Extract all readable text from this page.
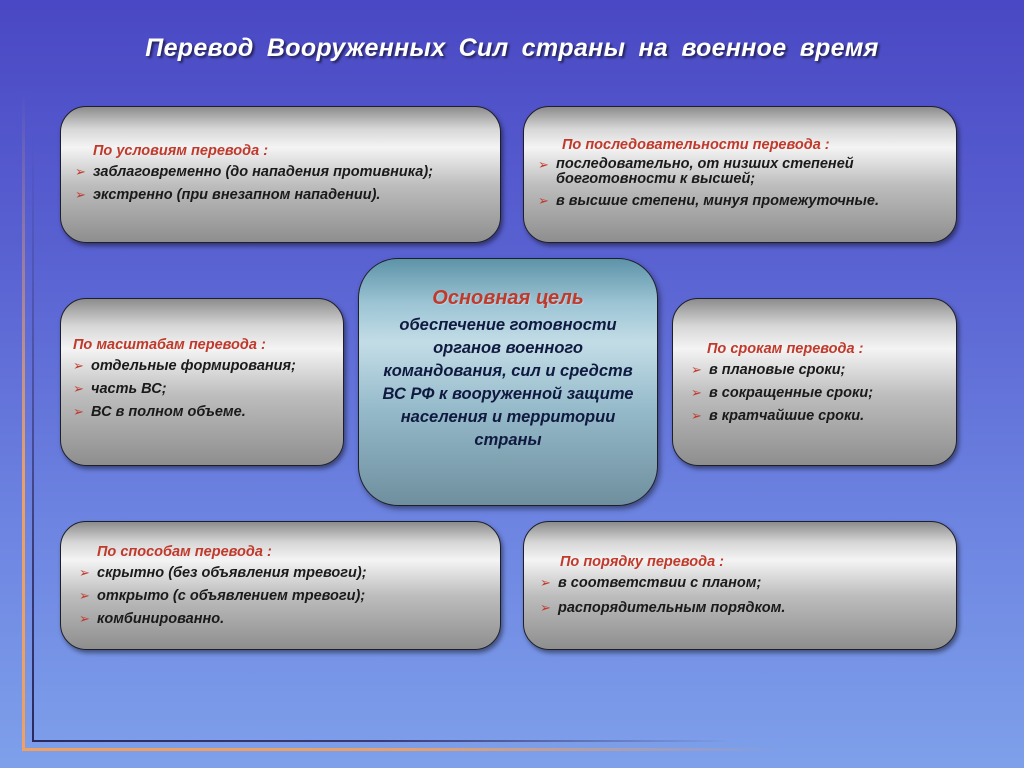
Перевод Вооруженных Сил страны на военное время
По условиям перевода :
➢ заблаговременно (до нападения противника);
➢ экстренно (при внезапном нападении).
По последовательности перевода :
➢ последовательно, от низших степеней боеготовности к высшей;
➢ в высшие степени, минуя промежуточные.
По масштабам перевода :
➢ отдельные формирования;
➢ часть ВС;
➢ ВС в полном объеме.
Основная цель
обеспечение готовности органов военного командования, сил и средств ВС РФ к вооруженной защите населения и территории страны
По срокам перевода :
➢ в плановые сроки;
➢ в сокращенные сроки;
➢ в кратчайшие сроки.
По способам перевода :
➢ скрытно (без объявления тревоги);
➢ открыто (с объявлением тревоги);
➢ комбинированно.
По порядку перевода :
➢ в соответствии с планом;
➢ распорядительным порядком.
